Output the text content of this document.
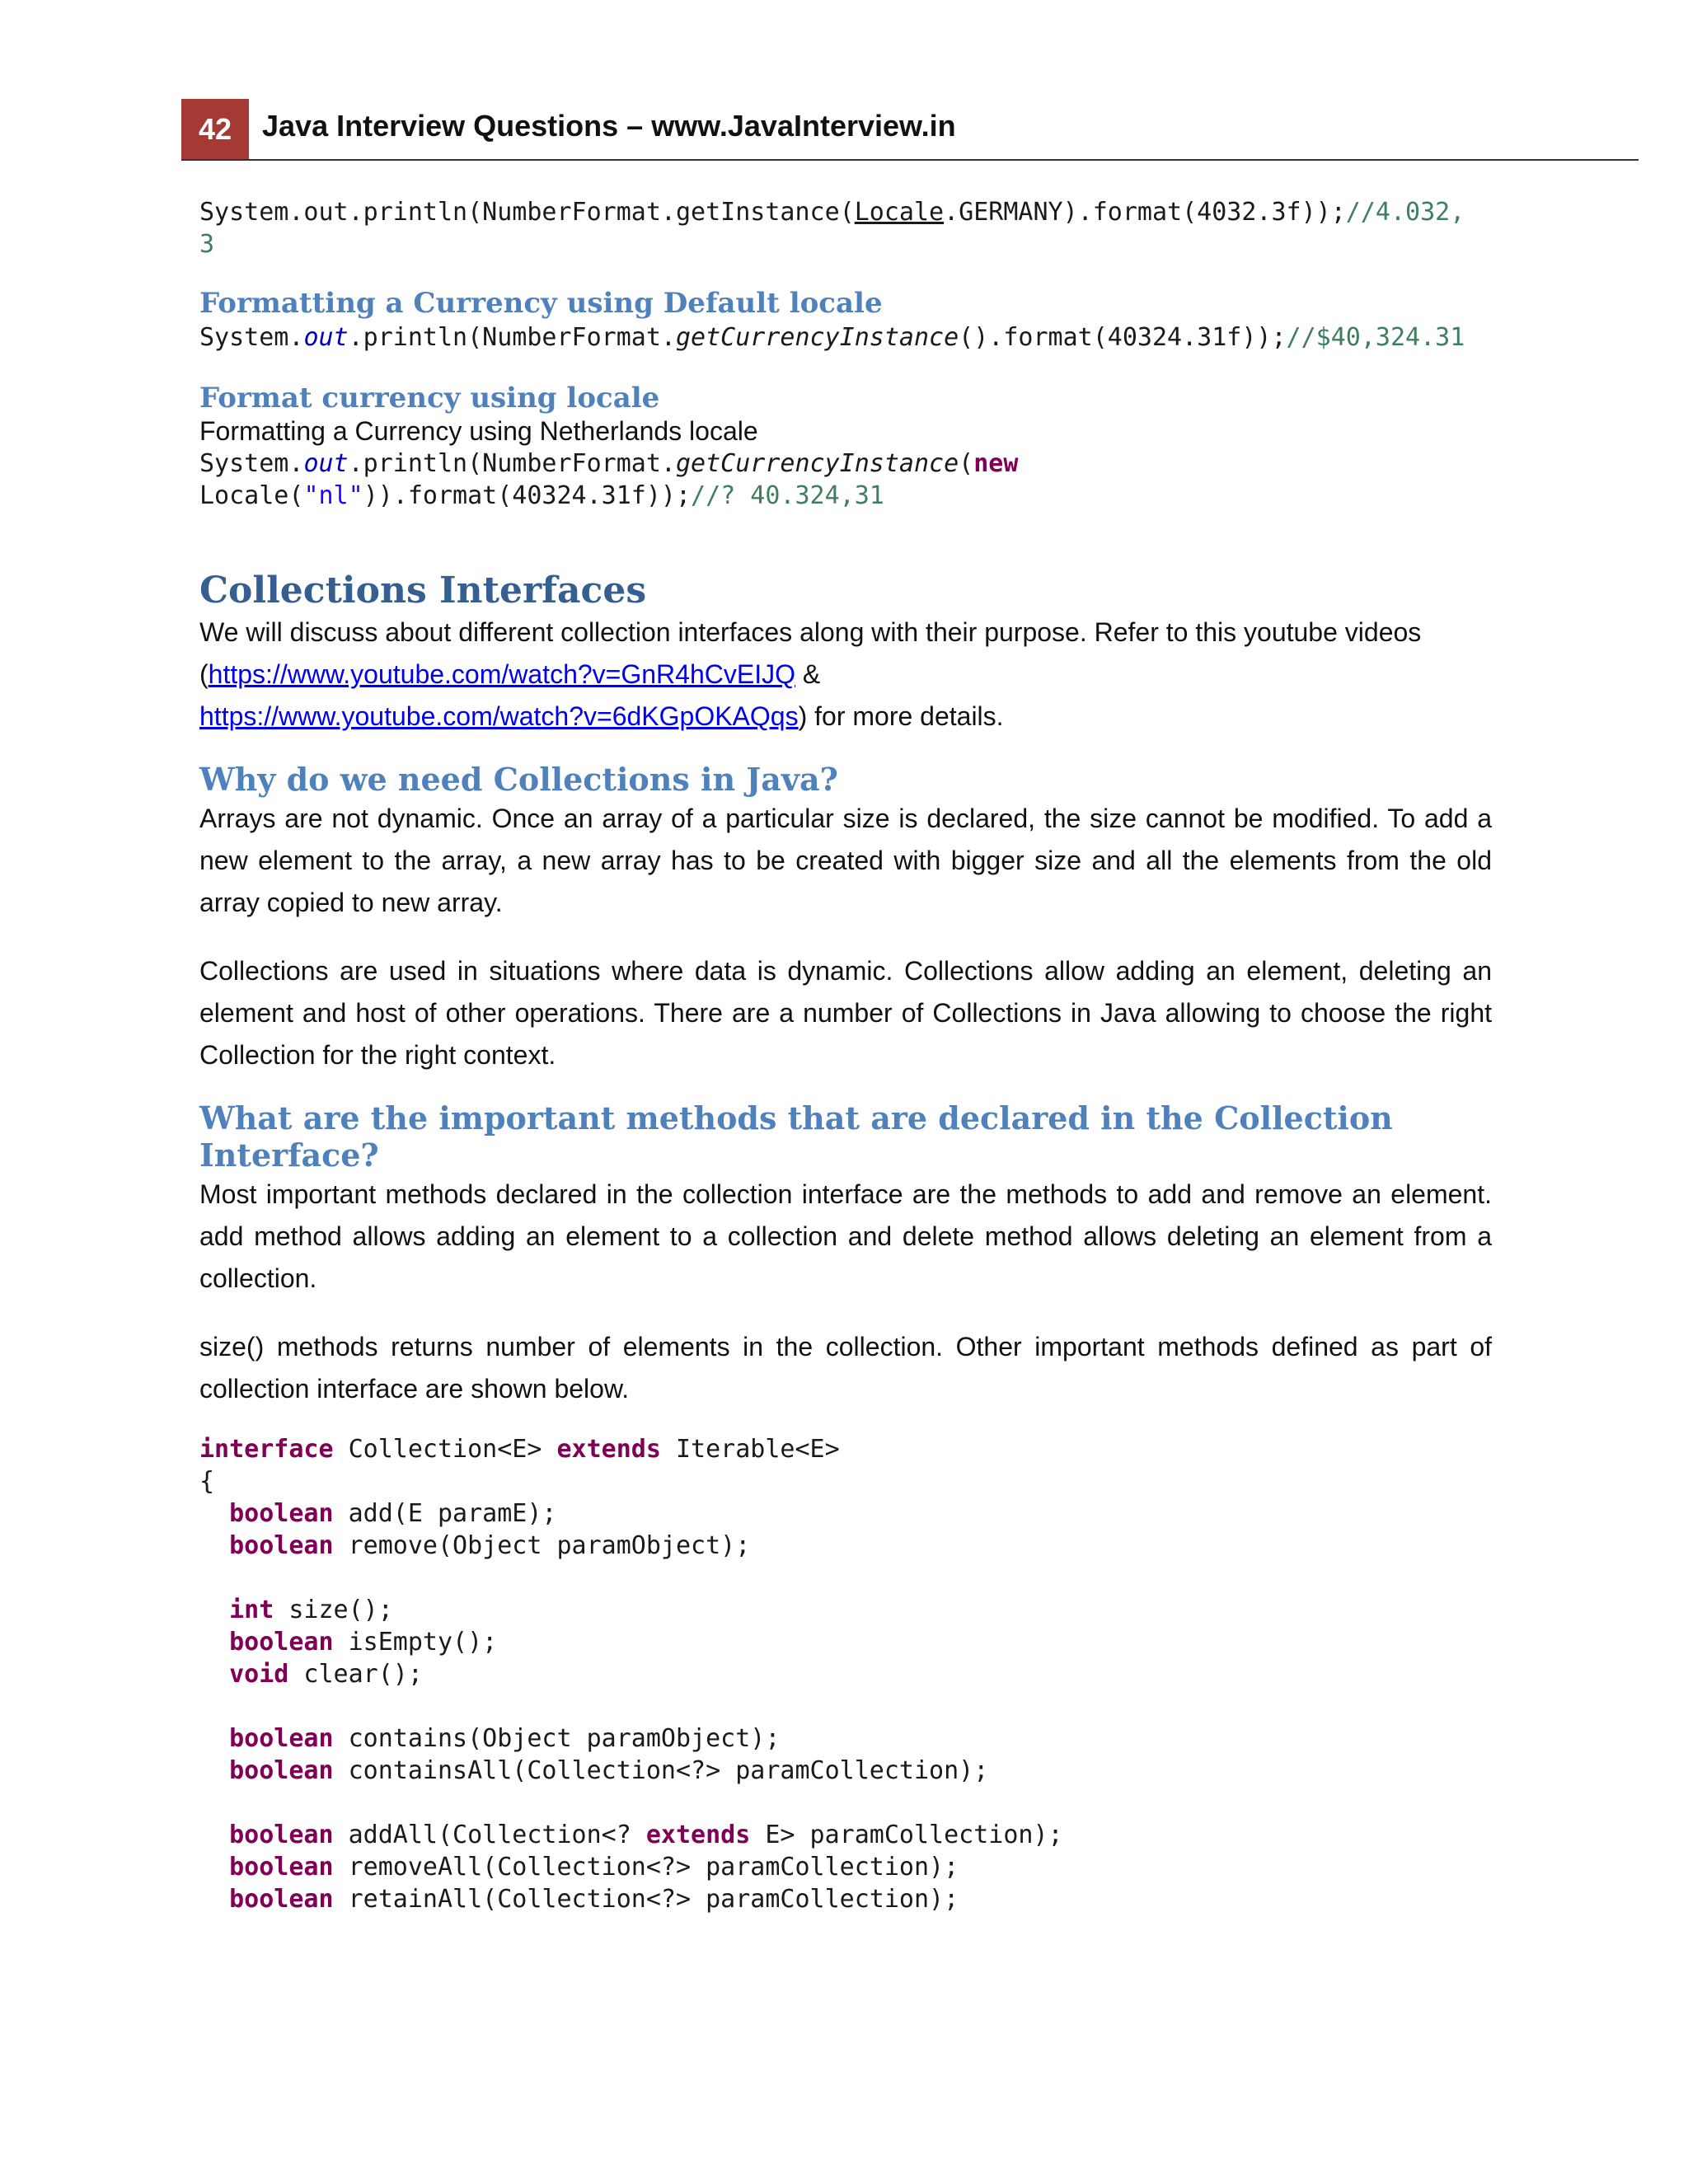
42 Java Interview Questions – www.JavaInterview.in
System.out.println(NumberFormat.getInstance(Locale.GERMANY).format(4032.3f));//4.032,
3
Formatting a Currency using Default locale
System.out.println(NumberFormat.getCurrencyInstance().format(40324.31f));//$40,324.31
Format currency using locale

Formatting a Currency using Netherlands locale

System.out.println(NumberFormat.getCurrencyInstance(new
Locale("nl")).format(40324.31f));//? 40.324,31
Collections Interfaces

We will discuss about different collection interfaces along with their purpose. Refer to this youtube videos (https://www.youtube.com/watch?v=GnR4hCvEIJQ &
https://www.youtube.com/watch?v=6dKGpOKAQqs) for more details.

Why do we need Collections in Java?

Arrays are not dynamic. Once an array of a particular size is declared, the size cannot be modified. To add a new element to the array, a new array has to be created with bigger size and all the elements from the old array copied to new array.

Collections are used in situations where data is dynamic. Collections allow adding an element, deleting an element and host of other operations. There are a number of Collections in Java allowing to choose the right Collection for the right context.

What are the important methods that are declared in the Collection Interface?

Most important methods declared in the collection interface are the methods to add and remove an element. add method allows adding an element to a collection and delete method allows deleting an element from a collection.

size() methods returns number of elements in the collection. Other important methods defined as part of collection interface are shown below.

interface Collection<E> extends Iterable<E>
{
boolean add(E paramE);
boolean remove(Object paramObject);

int size();
boolean isEmpty();
void clear();

boolean contains(Object paramObject);
boolean containsAll(Collection<?> paramCollection);

boolean addAll(Collection<? extends E> paramCollection);
boolean removeAll(Collection<?> paramCollection);
boolean retainAll(Collection<?> paramCollection);
